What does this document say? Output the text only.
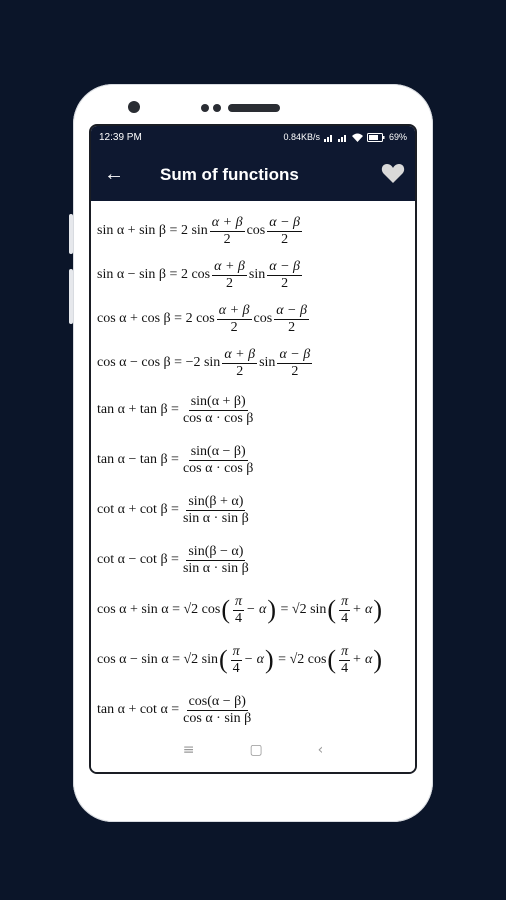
12:39 PM	0.84KB/s	69%
← Sum of functions
sin α + sin β =
2 $\sin \frac{\alpha + \beta}{2}$ $\cos \frac{\alpha - \beta}{2}$
sin α − sin β =
2 $\cos \frac{\alpha + \beta}{2}$ $\sin \frac{\alpha - \beta}{2}$
cos α + cos β =
2 $\cos \frac{\alpha + \beta}{2}$ $\cos \frac{\alpha - \beta}{2}$
cos α − cos β =
−2 $\sin \frac{\alpha + \beta}{2}$ $\sin \frac{\alpha - \beta}{2}$
$\tan \alpha + \tan \beta = \frac{\sin(\alpha + \beta)}{\text{cos α · cos β}}$
$\tan \alpha - \tan \beta = \frac{\sin(\alpha - \beta)}{\text{cos α · cos β}}$
$\cot \alpha + \cot \beta = \frac{\sin(\beta + \alpha)}{\text{sin α · sin β}}$
$\cot \alpha - \cot \beta = \frac{\sin(\beta - \alpha)}{\text{sin α · sin β}}$
cos α + sin α =
√2 cos ( $\frac{\pi}{4} - \alpha$ ) = √2 sin ( $\frac{\pi}{4} + \alpha$ )
cos α − sin α =
√2 sin ( $\frac{\pi}{4} - \alpha$ ) = √2 cos ( $\frac{\pi}{4} + \alpha$ )
$\tan \alpha + \cot \alpha = \frac{\cos(\alpha - \beta)}{\text{cos α · sin β}}$
≡	▢	‹
